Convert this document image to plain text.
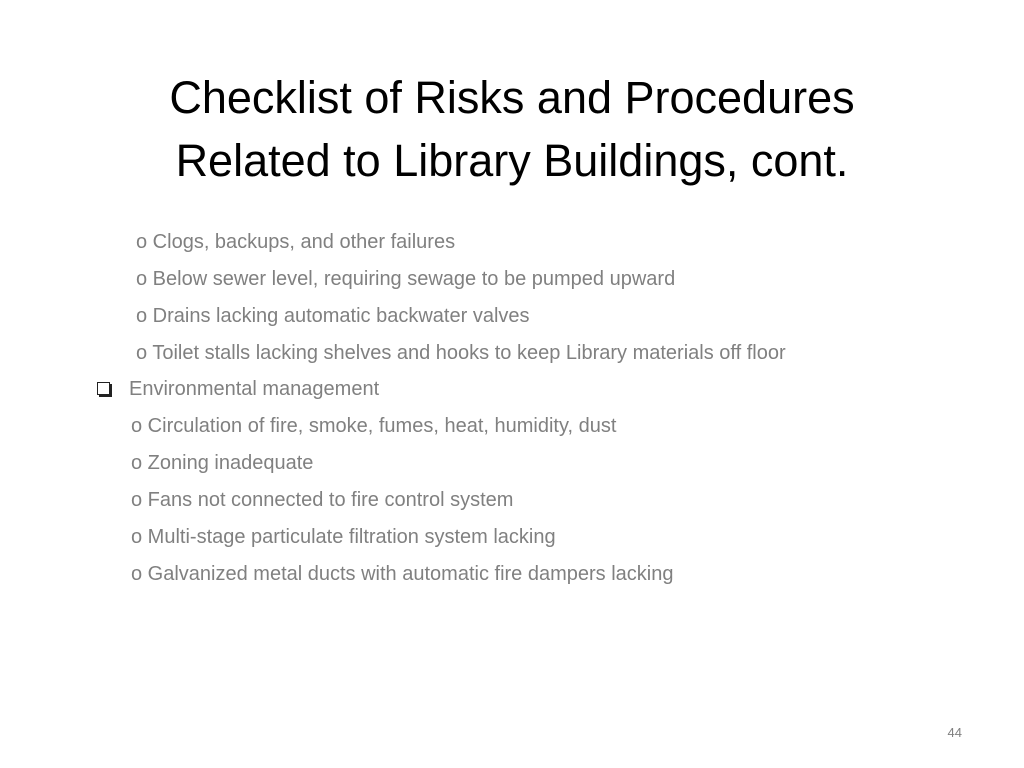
Checklist of Risks and Procedures
Related to Library Buildings, cont.
o Clogs, backups, and other failures
o Below sewer level, requiring sewage to be pumped upward
o Drains lacking automatic backwater valves
o Toilet stalls lacking shelves and hooks to keep Library materials off floor
Environmental management
o Circulation of fire, smoke, fumes, heat, humidity, dust
o Zoning inadequate
o Fans not connected to fire control system
o Multi-stage particulate filtration system lacking
o Galvanized metal ducts with automatic fire dampers lacking
44
